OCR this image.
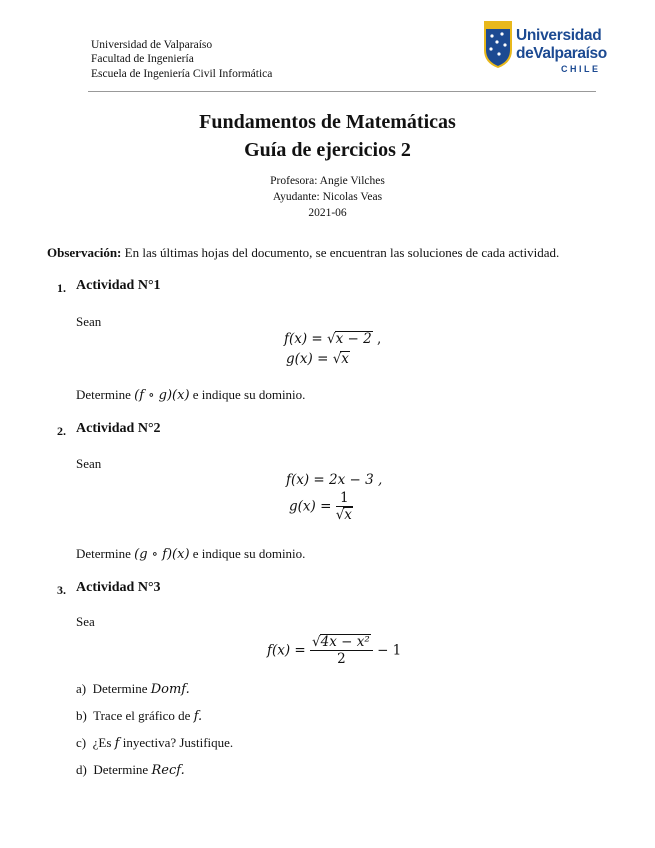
Universidad de Valparaíso
Facultad de Ingeniería
Escuela de Ingeniería Civil Informática
Universidad
deValparaíso
CHILE
Fundamentos de Matemáticas
Guía de ejercicios 2
Profesora: Angie Vilches
Ayudante: Nicolas Veas
2021-06
Observación: En las últimas hojas del documento, se encuentran las soluciones de cada actividad.
1. Actividad N°1
Sean
f(x) = √x − 2 ,
g(x) = √x
Determine (f ∘ g)(x) e indique su dominio.
2. Actividad N°2
Sean
f(x) = 2x − 3 ,
$g(x) = \frac{1}{√x}$
Determine (g ∘ f)(x) e indique su dominio.
3. Actividad N°3
Sea
$f(x) = \frac{\text{√4x − x²}}{2} - 1$
a) Determine Domf.
b) Trace el gráfico de f.
c) ¿Es f inyectiva? Justifique.
d) Determine Recf.
